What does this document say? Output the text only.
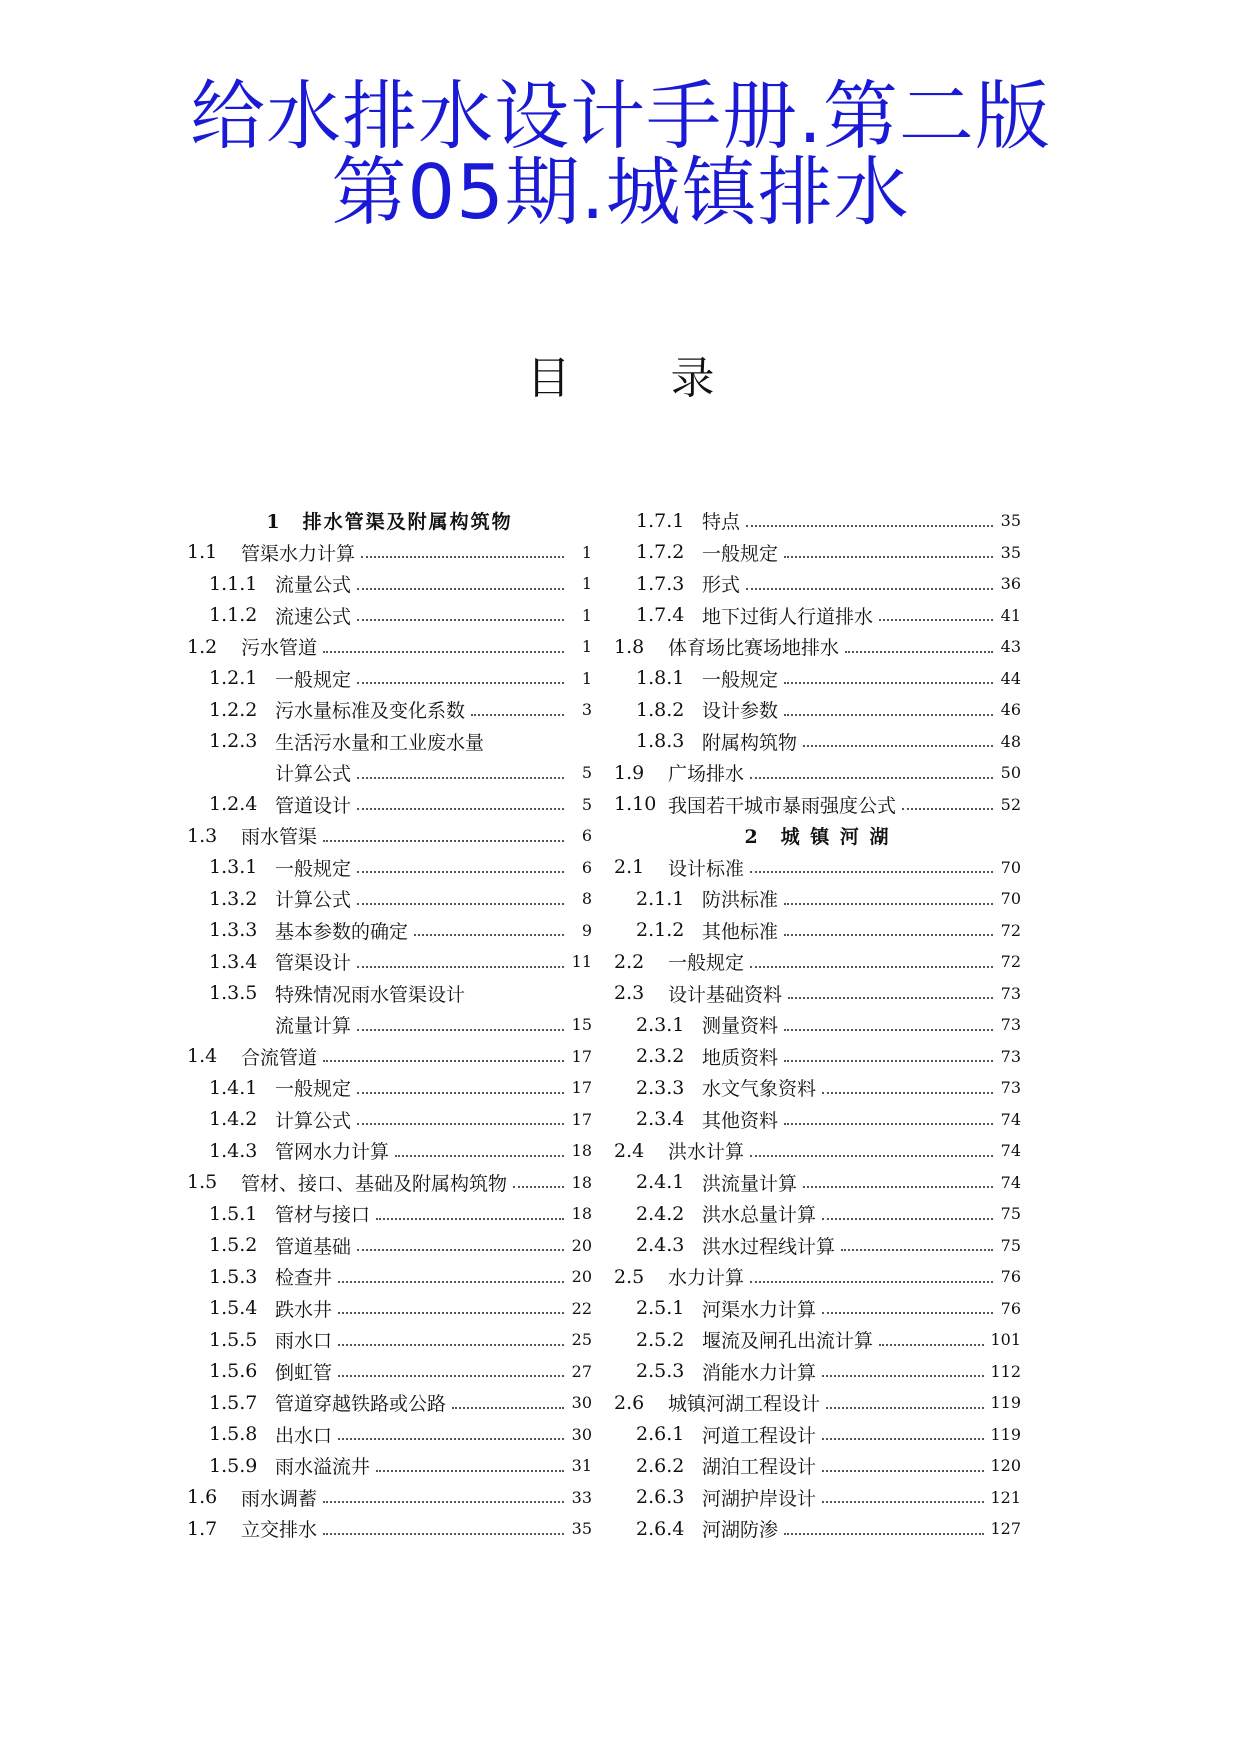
给水排水设计手册.第二版
第05期.城镇排水
目 录
1　排水管渠及附属构筑物
1.1	管渠水力计算	1
1.1.1 流量公式	1
1.1.2 流速公式	1
1.2	污水管道	1
1.2.1 一般规定	1
1.2.2 污水量标准及变化系数	3
1.2.3 生活污水量和工业废水量
计算公式	5
1.2.4 管道设计	5
1.3	雨水管渠	6
1.3.1 一般规定	6
1.3.2 计算公式	8
1.3.3 基本参数的确定	9
1.3.4 管渠设计	11
1.3.5 特殊情况雨水管渠设计
流量计算	15
1.4	合流管道	17
1.4.1 一般规定	17
1.4.2 计算公式	17
1.4.3 管网水力计算	18
1.5	管材、接口、基础及附属构筑物	18
1.5.1 管材与接口	18
1.5.2 管道基础	20
1.5.3 检查井	20
1.5.4 跌水井	22
1.5.5 雨水口	25
1.5.6 倒虹管	27
1.5.7 管道穿越铁路或公路	30
1.5.8 出水口	30
1.5.9 雨水溢流井	31
1.6	雨水调蓄	33
1.7	立交排水	35
1.7.1 特点	35
1.7.2 一般规定	35
1.7.3 形式	36
1.7.4 地下过街人行道排水	41
1.8	体育场比赛场地排水	43
1.8.1 一般规定	44
1.8.2 设计参数	46
1.8.3 附属构筑物	48
1.9	广场排水	50
1.10 我国若干城市暴雨强度公式	52
2　城 镇 河 湖
2.1	设计标准	70
2.1.1 防洪标准	70
2.1.2 其他标准	72
2.2	一般规定	72
2.3	设计基础资料	73
2.3.1 测量资料	73
2.3.2 地质资料	73
2.3.3 水文气象资料	73
2.3.4 其他资料	74
2.4	洪水计算	74
2.4.1 洪流量计算	74
2.4.2 洪水总量计算	75
2.4.3 洪水过程线计算	75
2.5	水力计算	76
2.5.1 河渠水力计算	76
2.5.2 堰流及闸孔出流计算	101
2.5.3 消能水力计算	112
2.6	城镇河湖工程设计	119
2.6.1 河道工程设计	119
2.6.2 湖泊工程设计	120
2.6.3 河湖护岸设计	121
2.6.4 河湖防渗	127
